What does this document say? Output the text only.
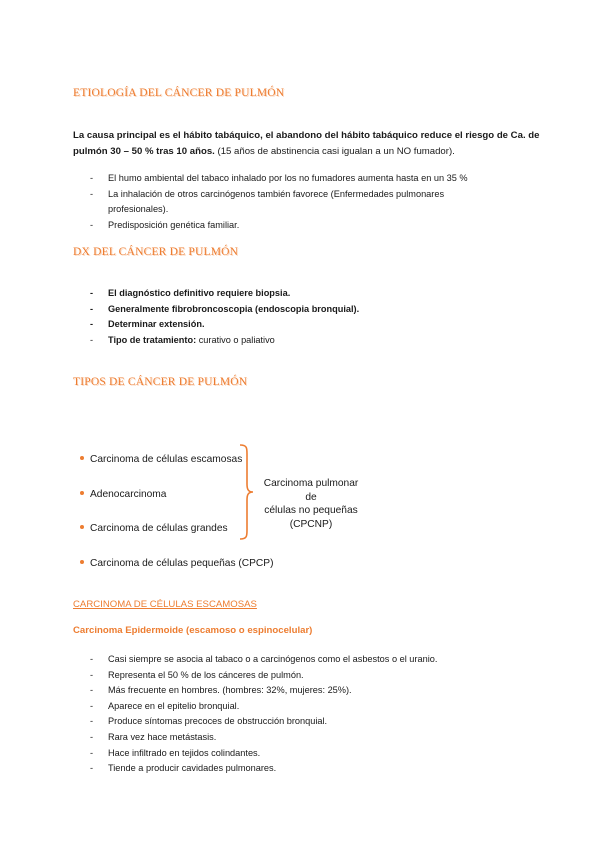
ETIOLOGÍA DEL CÁNCER DE PULMÓN
La causa principal es el hábito tabáquico, el abandono del hábito tabáquico reduce el riesgo de Ca. de pulmón 30 – 50 % tras 10 años. (15 años de abstinencia casi igualan a un NO fumador).
- El humo ambiental del tabaco inhalado por los no fumadores aumenta hasta en un 35 %
- La inhalación de otros carcinógenos también favorece (Enfermedades pulmonares profesionales).
- Predisposición genética familiar.
DX DEL CÁNCER DE PULMÓN
- El diagnóstico definitivo requiere biopsia.
- Generalmente fibrobroncoscopia (endoscopia bronquial).
- Determinar extensión.
- Tipo de tratamiento: curativo o paliativo
TIPOS DE CÁNCER DE PULMÓN
Carcinoma de células escamosas
Adenocarcinoma
Carcinoma de células grandes
Carcinoma de células pequeñas (CPCP)
Carcinoma pulmonar
de
células no pequeñas
(CPCNP)
CARCINOMA DE CÉLULAS ESCAMOSAS
Carcinoma Epidermoide (escamoso o espinocelular)
- Casi siempre se asocia al tabaco o a carcinógenos como el asbestos o el uranio.
- Representa el 50 % de los cánceres de pulmón.
- Más frecuente en hombres. (hombres: 32%, mujeres: 25%).
- Aparece en el epitelio bronquial.
- Produce síntomas precoces de obstrucción bronquial.
- Rara vez hace metástasis.
- Hace infiltrado en tejidos colindantes.
- Tiende a producir cavidades pulmonares.
